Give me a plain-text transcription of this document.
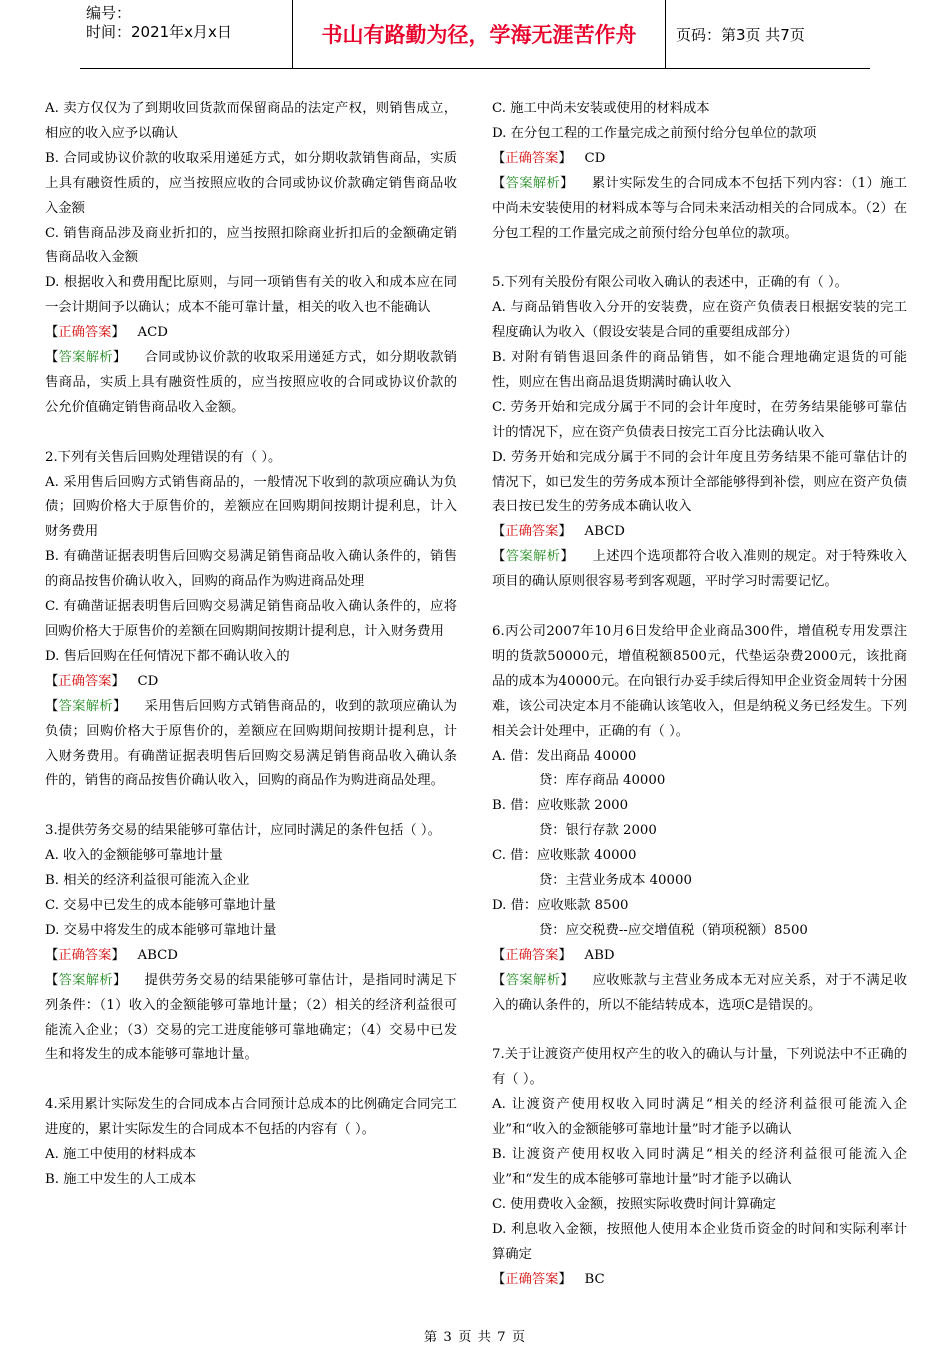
编号：
时间：2021年x月x日	书山有路勤为径，学海无涯苦作舟	页码：第3页 共7页

A. 卖方仅仅为了到期收回货款而保留商品的法定产权，则销售成立，相应的收入应予以确认

B. 合同或协议价款的收取采用递延方式，如分期收款销售商品，实质上具有融资性质的，应当按照应收的合同或协议价款确定销售商品收入金额

C. 销售商品涉及商业折扣的，应当按照扣除商业折扣后的金额确定销售商品收入金额

D. 根据收入和费用配比原则，与同一项销售有关的收入和成本应在同一会计期间予以确认；成本不能可靠计量，相关的收入也不能确认

【正确答案】 ACD

【答案解析】 合同或协议价款的收取采用递延方式，如分期收款销售商品，实质上具有融资性质的，应当按照应收的合同或协议价款的公允价值确定销售商品收入金额。

2.下列有关售后回购处理错误的有（ ）。

A. 采用售后回购方式销售商品的，一般情况下收到的款项应确认为负债；回购价格大于原售价的，差额应在回购期间按期计提利息，计入财务费用

B. 有确凿证据表明售后回购交易满足销售商品收入确认条件的，销售的商品按售价确认收入，回购的商品作为购进商品处理

C. 有确凿证据表明售后回购交易满足销售商品收入确认条件的，应将回购价格大于原售价的差额在回购期间按期计提利息，计入财务费用

D. 售后回购在任何情况下都不确认收入的

【正确答案】 CD

【答案解析】 采用售后回购方式销售商品的，收到的款项应确认为负债；回购价格大于原售价的，差额应在回购期间按期计提利息，计入财务费用。有确凿证据表明售后回购交易满足销售商品收入确认条件的，销售的商品按售价确认收入，回购的商品作为购进商品处理。

3.提供劳务交易的结果能够可靠估计，应同时满足的条件包括（ ）。

A. 收入的金额能够可靠地计量

B. 相关的经济利益很可能流入企业

C. 交易中已发生的成本能够可靠地计量

D. 交易中将发生的成本能够可靠地计量

【正确答案】 ABCD

【答案解析】 提供劳务交易的结果能够可靠估计，是指同时满足下列条件：（1）收入的金额能够可靠地计量；（2）相关的经济利益很可能流入企业；（3）交易的完工进度能够可靠地确定；（4）交易中已发生和将发生的成本能够可靠地计量。

4.采用累计实际发生的合同成本占合同预计总成本的比例确定合同完工进度的，累计实际发生的合同成本不包括的内容有（ ）。

A. 施工中使用的材料成本

B. 施工中发生的人工成本

C. 施工中尚未安装或使用的材料成本

D. 在分包工程的工作量完成之前预付给分包单位的款项

【正确答案】 CD

【答案解析】 累计实际发生的合同成本不包括下列内容：（1）施工中尚未安装使用的材料成本等与合同未来活动相关的合同成本。（2）在分包工程的工作量完成之前预付给分包单位的款项。

5.下列有关股份有限公司收入确认的表述中，正确的有（ ）。

A. 与商品销售收入分开的安装费，应在资产负债表日根据安装的完工程度确认为收入（假设安装是合同的重要组成部分）

B. 对附有销售退回条件的商品销售，如不能合理地确定退货的可能性，则应在售出商品退货期满时确认收入

C. 劳务开始和完成分属于不同的会计年度时，在劳务结果能够可靠估计的情况下，应在资产负债表日按完工百分比法确认收入

D. 劳务开始和完成分属于不同的会计年度且劳务结果不能可靠估计的情况下，如已发生的劳务成本预计全部能够得到补偿，则应在资产负债表日按已发生的劳务成本确认收入

【正确答案】 ABCD

【答案解析】 上述四个选项都符合收入准则的规定。对于特殊收入项目的确认原则很容易考到客观题，平时学习时需要记忆。

6.丙公司2007年10月6日发给甲企业商品300件，增值税专用发票注明的货款50000元，增值税额8500元，代垫运杂费2000元，该批商品的成本为40000元。在向银行办妥手续后得知甲企业资金周转十分困难，该公司决定本月不能确认该笔收入，但是纳税义务已经发生。下列相关会计处理中，正确的有（ ）。

A. 借：发出商品 40000

贷：库存商品 40000

B. 借：应收账款 2000

贷：银行存款 2000

C. 借：应收账款 40000

贷：主营业务成本 40000

D. 借：应收账款 8500

贷：应交税费--应交增值税（销项税额）8500

【正确答案】 ABD

【答案解析】 应收账款与主营业务成本无对应关系，对于不满足收入的确认条件的，所以不能结转成本，选项C是错误的。

7.关于让渡资产使用权产生的收入的确认与计量，下列说法中不正确的有（ ）。

A. 让渡资产使用权收入同时满足“相关的经济利益很可能流入企业”和“收入的金额能够可靠地计量”时才能予以确认

B. 让渡资产使用权收入同时满足“相关的经济利益很可能流入企业”和“发生的成本能够可靠地计量”时才能予以确认

C. 使用费收入金额，按照实际收费时间计算确定

D. 利息收入金额，按照他人使用本企业货币资金的时间和实际利率计算确定

【正确答案】 BC

第 3 页 共 7 页
